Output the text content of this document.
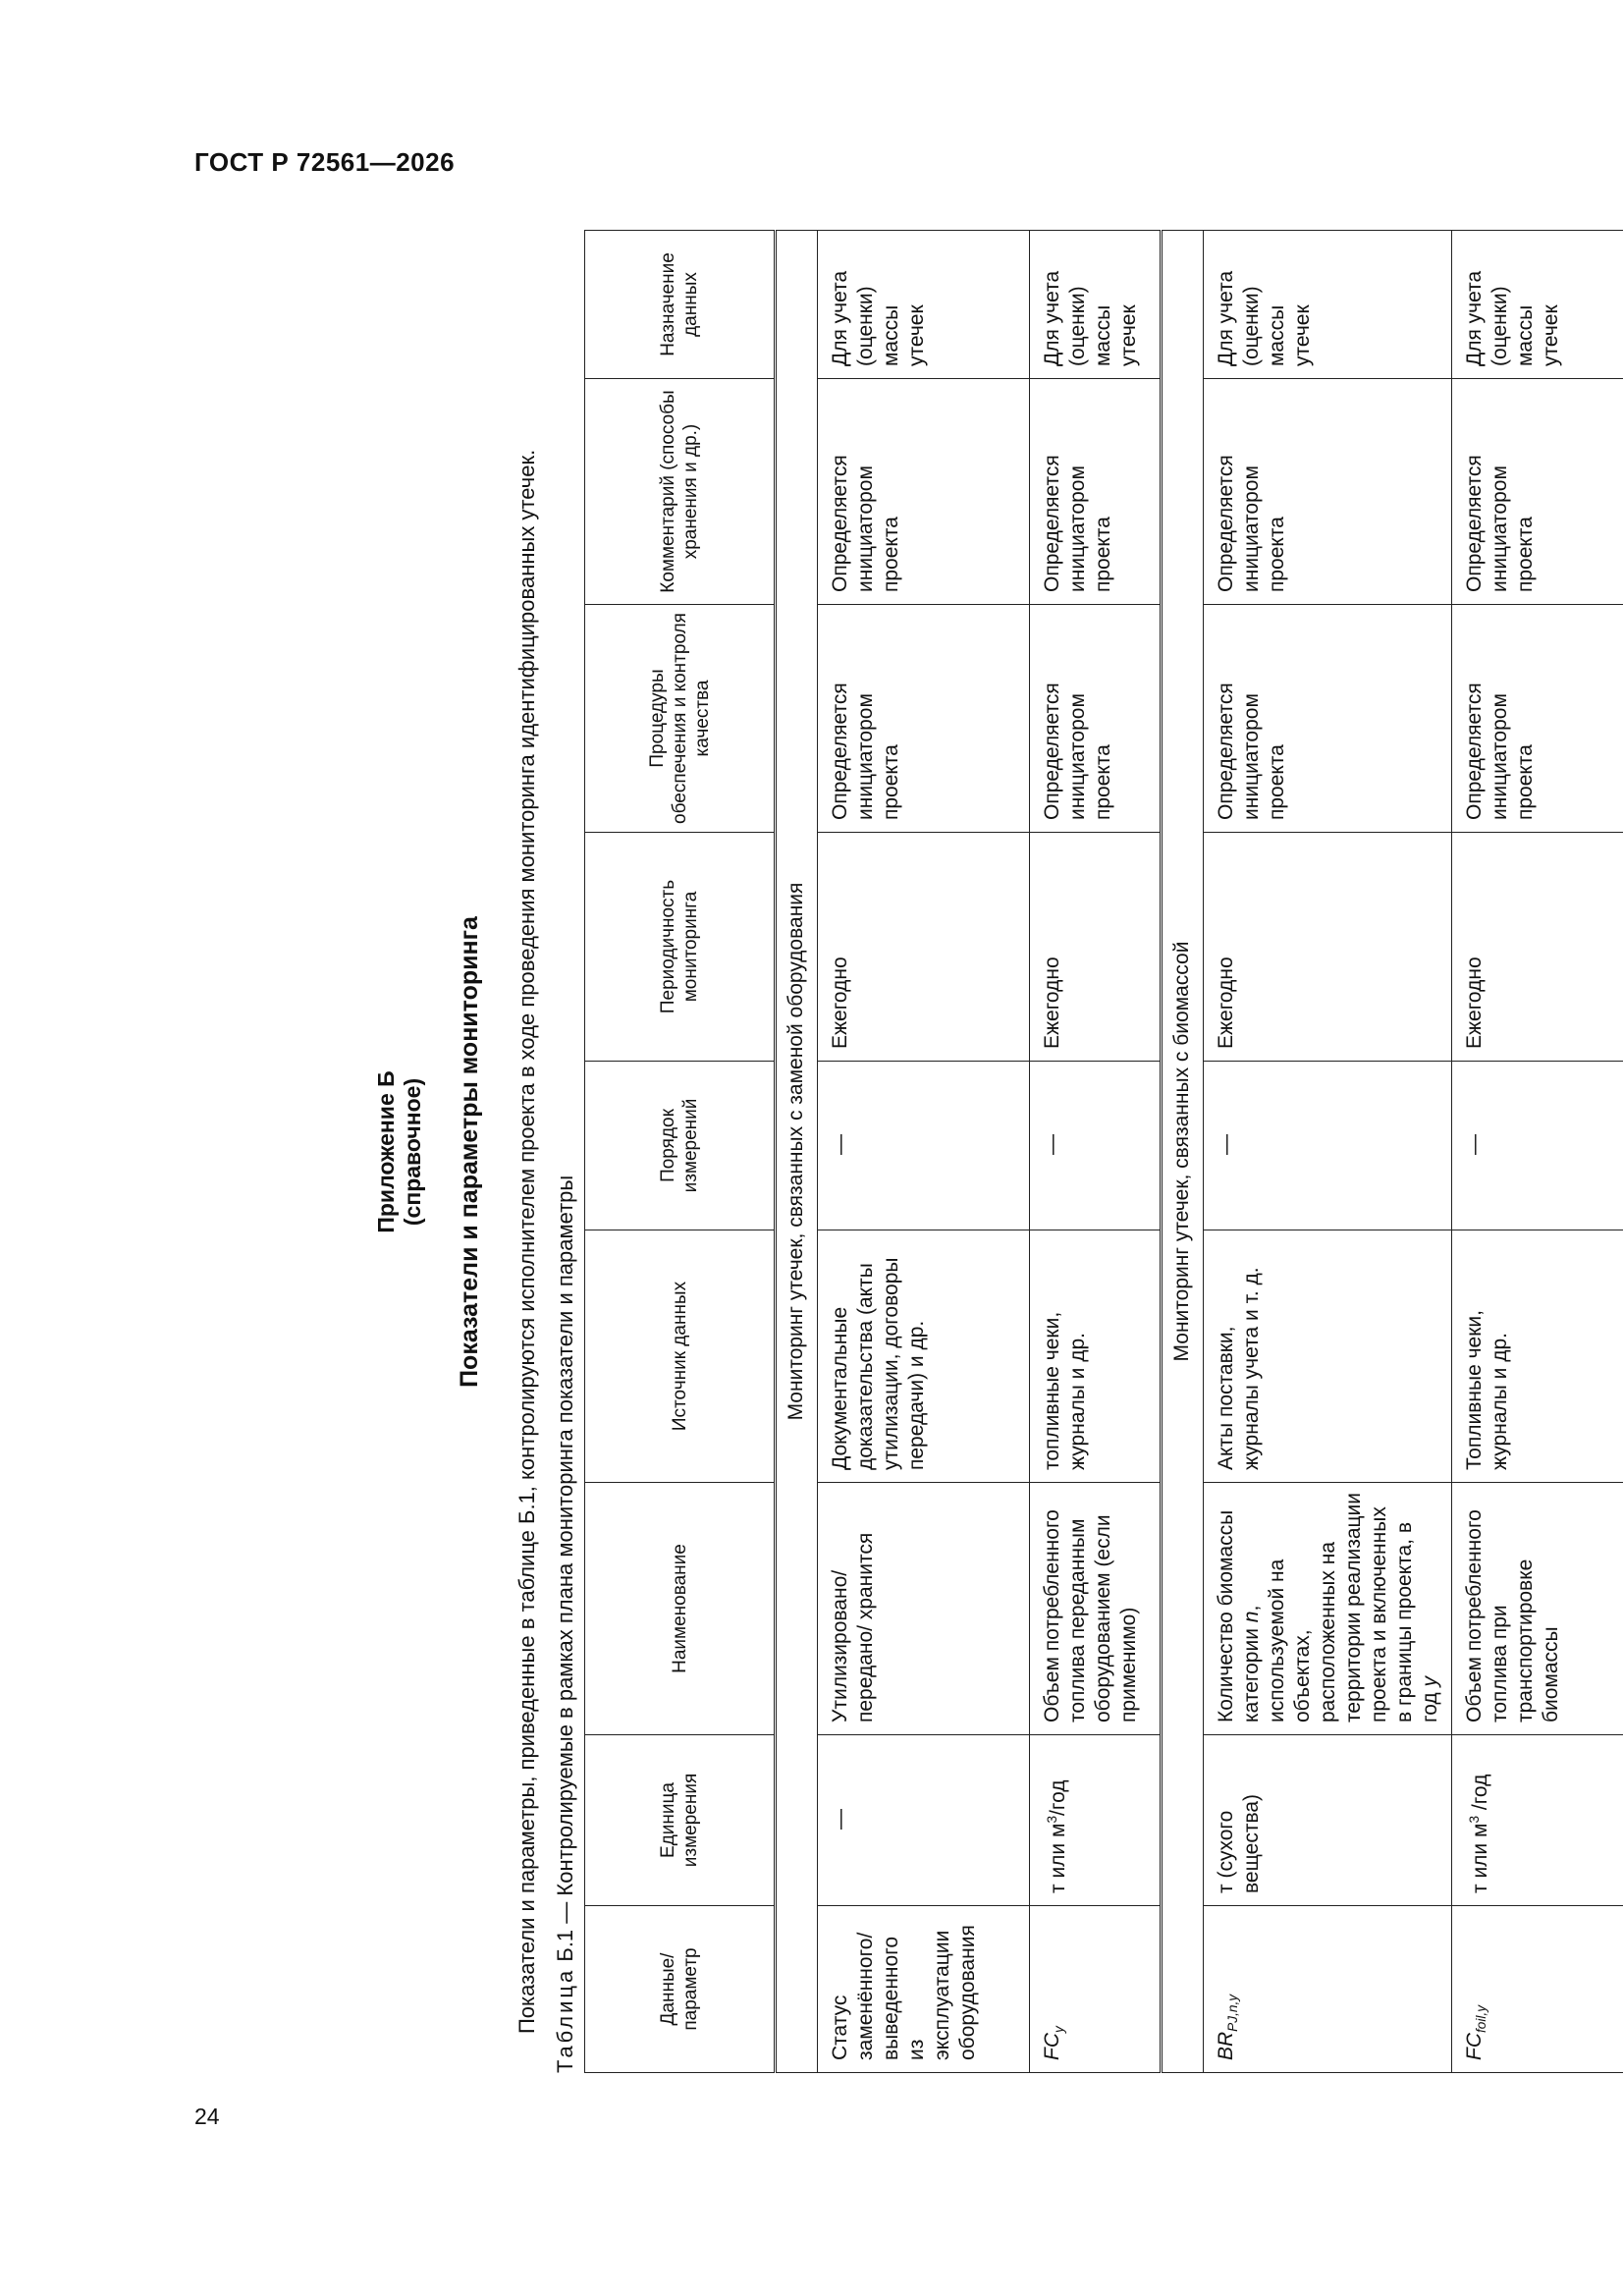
ГОСТ Р 72561—2026
24
Приложение Б (справочное) Показатели и параметры мониторинга Показатели и параметры, приведенные в таблице Б.1, контролируются исполнителем проекта в ходе проведения мониторинга идентифицированных утечек. Таблица Б.1 — Контролируемые в рамках плана мониторинга показатели и параметры
Данные/ параметр	Единица измерения	Наименование	Источник данных	Порядок измерений	Периодичность мониторинга	Процедуры обеспечения и контроля качества	Комментарий (способы хранения и др.)	Назначение данных
Мониторинг утечек, связанных с заменой оборудования								
Статус заменённого/выведенного из эксплуатации оборудования	—	Утилизировано/ передано/ хранится	Документальные доказательства (акты утилизации, договоры передачи) и др.	—	Ежегодно	Определяется инициатором проекта	Определяется инициатором проекта	Для учета (оценки) массы утечек
$FC_y$	т или $м^3$/год	Объем потребленного топлива переданным оборудованием (если применимо)	топливные чеки, журналы и др.	—	Ежегодно	Определяется инициатором проекта	Определяется инициатором проекта	Для учета (оценки) массы утечек
Мониторинг утечек, связанных с биомассой								
$BR_{PJ,n,y}$	т (сухого вещества)	Количество биомассы категории n, используемой на объектах, расположенных на территории реализации проекта и включенных в границы проекта, в год y	Акты поставки, журналы учета и т. д.	—	Ежегодно	Определяется инициатором проекта	Определяется инициатором проекта	Для учета (оценки) массы утечек
$FC_{foil,y}$	т или $м^3$ /год	Объем потребленного топлива при транспортировке биомассы	Топливные чеки, журналы и др.	—	Ежегодно	Определяется инициатором проекта	Определяется инициатором проекта	Для учета (оценки) массы утечек
